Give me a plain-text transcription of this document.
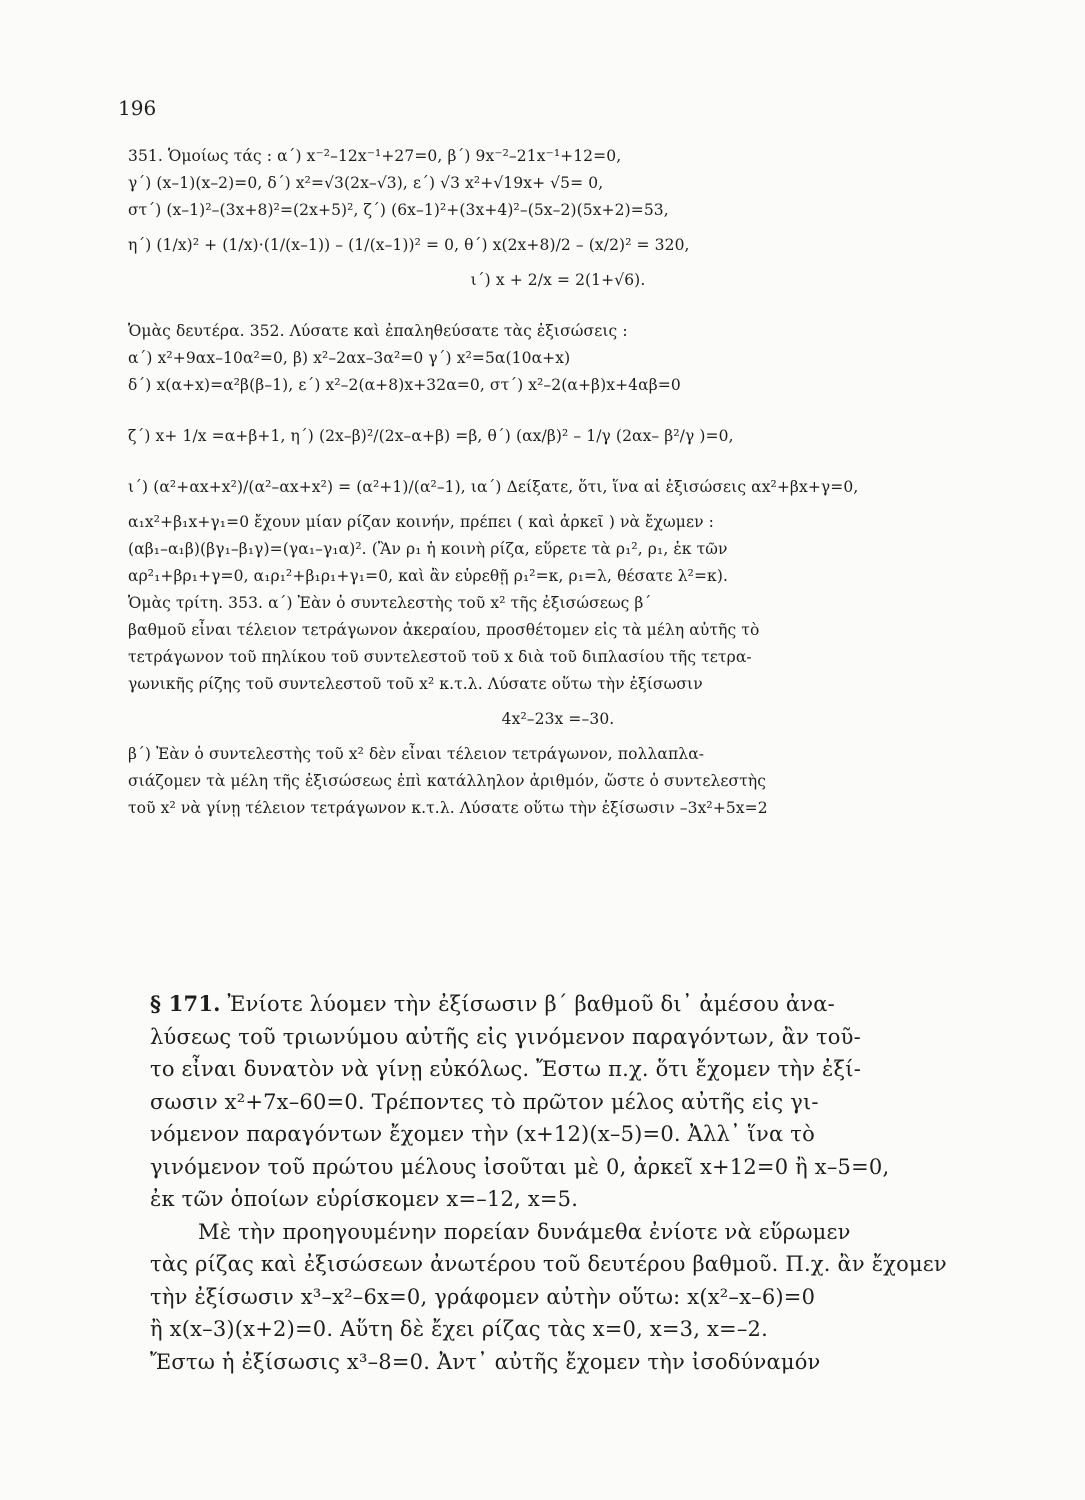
196
351. Ὁμοίως τάς : α΄) x⁻²–12x⁻¹+27=0, β΄) 9x⁻²–21x⁻¹+12=0,
γ΄) (x–1)(x–2)=0, δ΄) x²=√3(2x–√3), ε΄) √3 x²+√19x+ √5= 0,
στ΄) (x–1)²–(3x+8)²=(2x+5)², ζ΄) (6x–1)²+(3x+4)²–(5x–2)(5x+2)=53,
η΄) (1/x)² + (1/x)·(1/(x–1)) – (1/(x–1))² = 0, θ΄) x(2x+8)/2 – (x/2)² = 320,
ι΄) x + 2/x = 2(1+√6).
Ὁμὰς δευτέρα. 352. Λύσατε καὶ ἐπαληθεύσατε τὰς ἐξισώσεις :
α΄) x²+9αx–10α²=0, β) x²–2αx–3α²=0 γ΄) x²=5α(10α+x)
δ΄) x(α+x)=α²β(β–1), ε΄) x²–2(α+8)x+32α=0, στ΄) x²–2(α+β)x+4αβ=0
ζ΄) x+ 1/x =α+β+1, η΄) (2x–β)²/(2x–α+β) =β, θ΄) (αx/β)² – 1/γ (2αx– β²/γ )=0,
ι΄) (α²+αx+x²)/(α²–αx+x²) = (α²+1)/(α²–1), ια΄) Δείξατε, ὅτι, ἵνα αἱ ἐξισώσεις αx²+βx+γ=0,
α₁x²+β₁x+γ₁=0 ἔχουν μίαν ρίζαν κοινήν, πρέπει ( καὶ ἀρκεῖ ) νὰ ἔχωμεν :
(αβ₁–α₁β)(βγ₁–β₁γ)=(γα₁–γ₁α)². (Ἂν ρ₁ ἡ κοινὴ ρίζα, εὕρετε τὰ ρ₁², ρ₁, ἐκ τῶν
αρ²₁+βρ₁+γ=0, α₁ρ₁²+β₁ρ₁+γ₁=0, καὶ ἂν εὑρεθῇ ρ₁²=κ, ρ₁=λ, θέσατε λ²=κ).
Ὁμὰς τρίτη. 353. α΄) Ἐὰν ὁ συντελεστὴς τοῦ x² τῆς ἐξισώσεως β΄
βαθμοῦ εἶναι τέλειον τετράγωνον ἀκεραίου, προσθέτομεν εἰς τὰ μέλη αὐτῆς τὸ
τετράγωνον τοῦ πηλίκου τοῦ συντελεστοῦ τοῦ x διὰ τοῦ διπλασίου τῆς τετρα-
γωνικῆς ρίζης τοῦ συντελεστοῦ τοῦ x² κ.τ.λ. Λύσατε οὕτω τὴν ἐξίσωσιν
4x²–23x =–30.
β΄) Ἐὰν ὁ συντελεστὴς τοῦ x² δὲν εἶναι τέλειον τετράγωνον, πολλαπλα-
σιάζομεν τὰ μέλη τῆς ἐξισώσεως ἐπὶ κατάλληλον ἀριθμόν, ὥστε ὁ συντελεστὴς
τοῦ x² νὰ γίνῃ τέλειον τετράγωνον κ.τ.λ. Λύσατε οὕτω τὴν ἐξίσωσιν –3x²+5x=2
§ 171. Ἐνίοτε λύομεν τὴν ἐξίσωσιν β΄ βαθμοῦ δι᾽ ἀμέσου ἀνα-
λύσεως τοῦ τριωνύμου αὐτῆς εἰς γινόμενον παραγόντων, ἂν τοῦ-
το εἶναι δυνατὸν νὰ γίνῃ εὐκόλως. Ἔστω π.χ. ὅτι ἔχομεν τὴν ἐξί-
σωσιν x²+7x–60=0. Τρέποντες τὸ πρῶτον μέλος αὐτῆς εἰς γι-
νόμενον παραγόντων ἔχομεν τὴν (x+12)(x–5)=0. Ἀλλ᾽ ἵνα τὸ
γινόμενον τοῦ πρώτου μέλους ἰσοῦται μὲ 0, ἀρκεῖ x+12=0 ἢ x–5=0,
ἐκ τῶν ὁποίων εὑρίσκομεν x=–12, x=5.
Μὲ τὴν προηγουμένην πορείαν δυνάμεθα ἐνίοτε νὰ εὕρωμεν
τὰς ρίζας καὶ ἐξισώσεων ἀνωτέρου τοῦ δευτέρου βαθμοῦ. Π.χ. ἂν ἔχομεν
τὴν ἐξίσωσιν x³–x²–6x=0, γράφομεν αὐτὴν οὕτω: x(x²–x–6)=0
ἢ x(x–3)(x+2)=0. Αὕτη δὲ ἔχει ρίζας τὰς x=0, x=3, x=–2.
Ἔστω ἡ ἐξίσωσις x³–8=0. Ἀντ᾽ αὐτῆς ἔχομεν τὴν ἰσοδύναμόν
